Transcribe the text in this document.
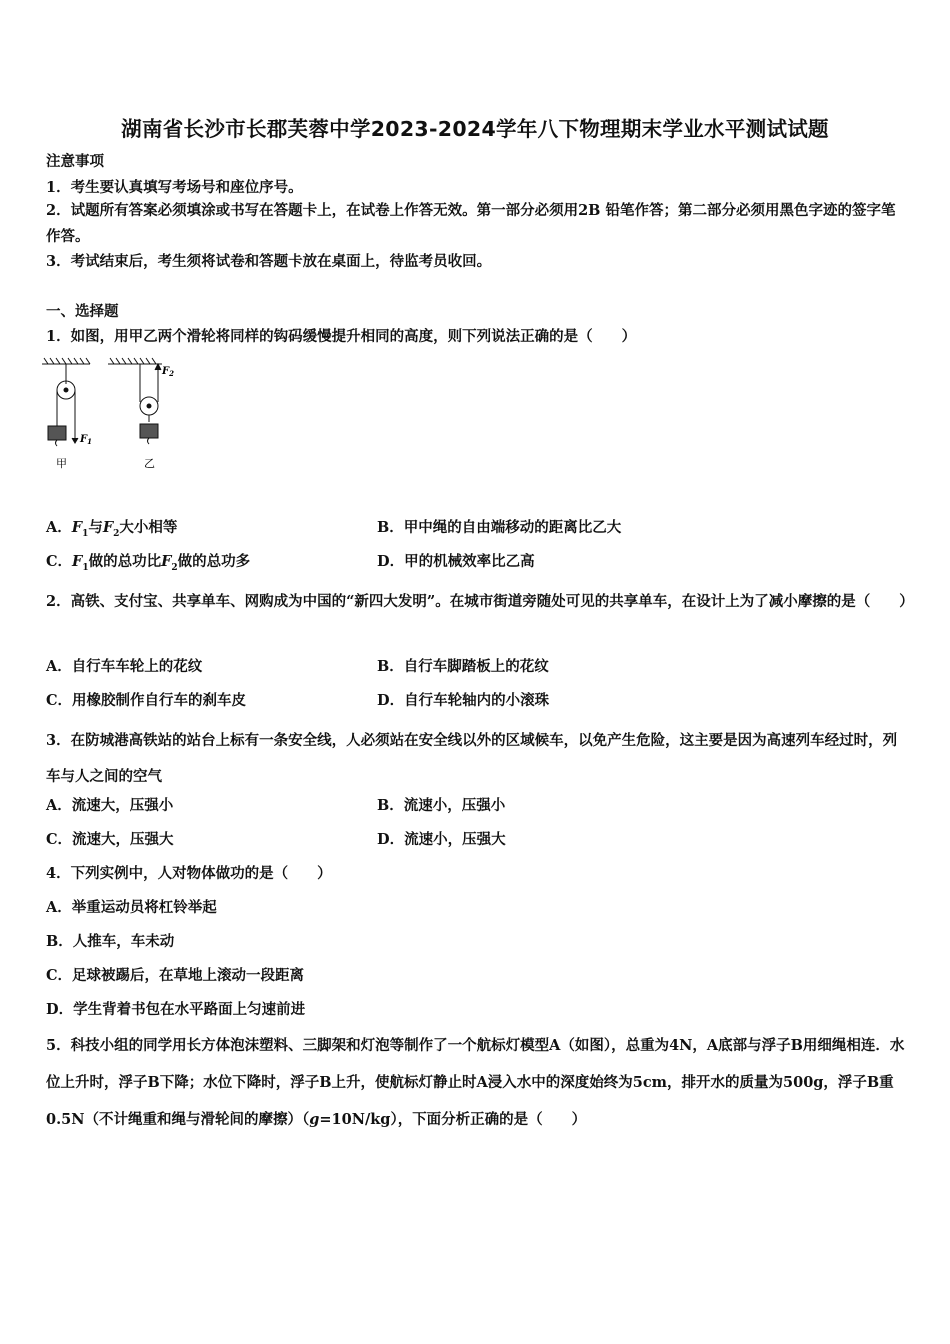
湖南省长沙市长郡芙蓉中学2023-2024学年八下物理期末学业水平测试试题
注意事项
1．考生要认真填写考场号和座位序号。
2．试题所有答案必须填涂或书写在答题卡上，在试卷上作答无效。第一部分必须用2B 铅笔作答；第二部分必须用黑色字迹的签字笔作答。
3．考试结束后，考生须将试卷和答题卡放在桌面上，待监考员收回。
一、选择题
1．如图，用甲乙两个滑轮将同样的钩码缓慢提升相同的高度，则下列说法正确的是（　　）
$F_1$
甲
$F_2$
乙
A．$F_1$与$F_2$大小相等	B．甲中绳的自由端移动的距离比乙大
C．$F_1$做的总功比$F_2$做的总功多	D．甲的机械效率比乙高
2．高铁、支付宝、共享单车、网购成为中国的“新四大发明”。在城市街道旁随处可见的共享单车，在设计上为了减小摩擦的是（　　）
A．自行车车轮上的花纹	B．自行车脚踏板上的花纹
C．用橡胶制作自行车的刹车皮	D．自行车轮轴内的小滚珠
3．在防城港高铁站的站台上标有一条安全线，人必须站在安全线以外的区域候车，以免产生危险，这主要是因为高速列车经过时，列车与人之间的空气
A．流速大，压强小	B．流速小，压强小
C．流速大，压强大	D．流速小，压强大
4．下列实例中，人对物体做功的是（　　）
A．举重运动员将杠铃举起
B．人推车，车未动
C．足球被踢后，在草地上滚动一段距离
D．学生背着书包在水平路面上匀速前进
5．科技小组的同学用长方体泡沫塑料、三脚架和灯泡等制作了一个航标灯模型A（如图），总重为4N，A底部与浮子B用细绳相连．水位上升时，浮子B下降；水位下降时，浮子B上升，使航标灯静止时A浸入水中的深度始终为5cm，排开水的质量为500g，浮子B重0.5N（不计绳重和绳与滑轮间的摩擦）（g=10N/kg），下面分析正确的是（　　）
